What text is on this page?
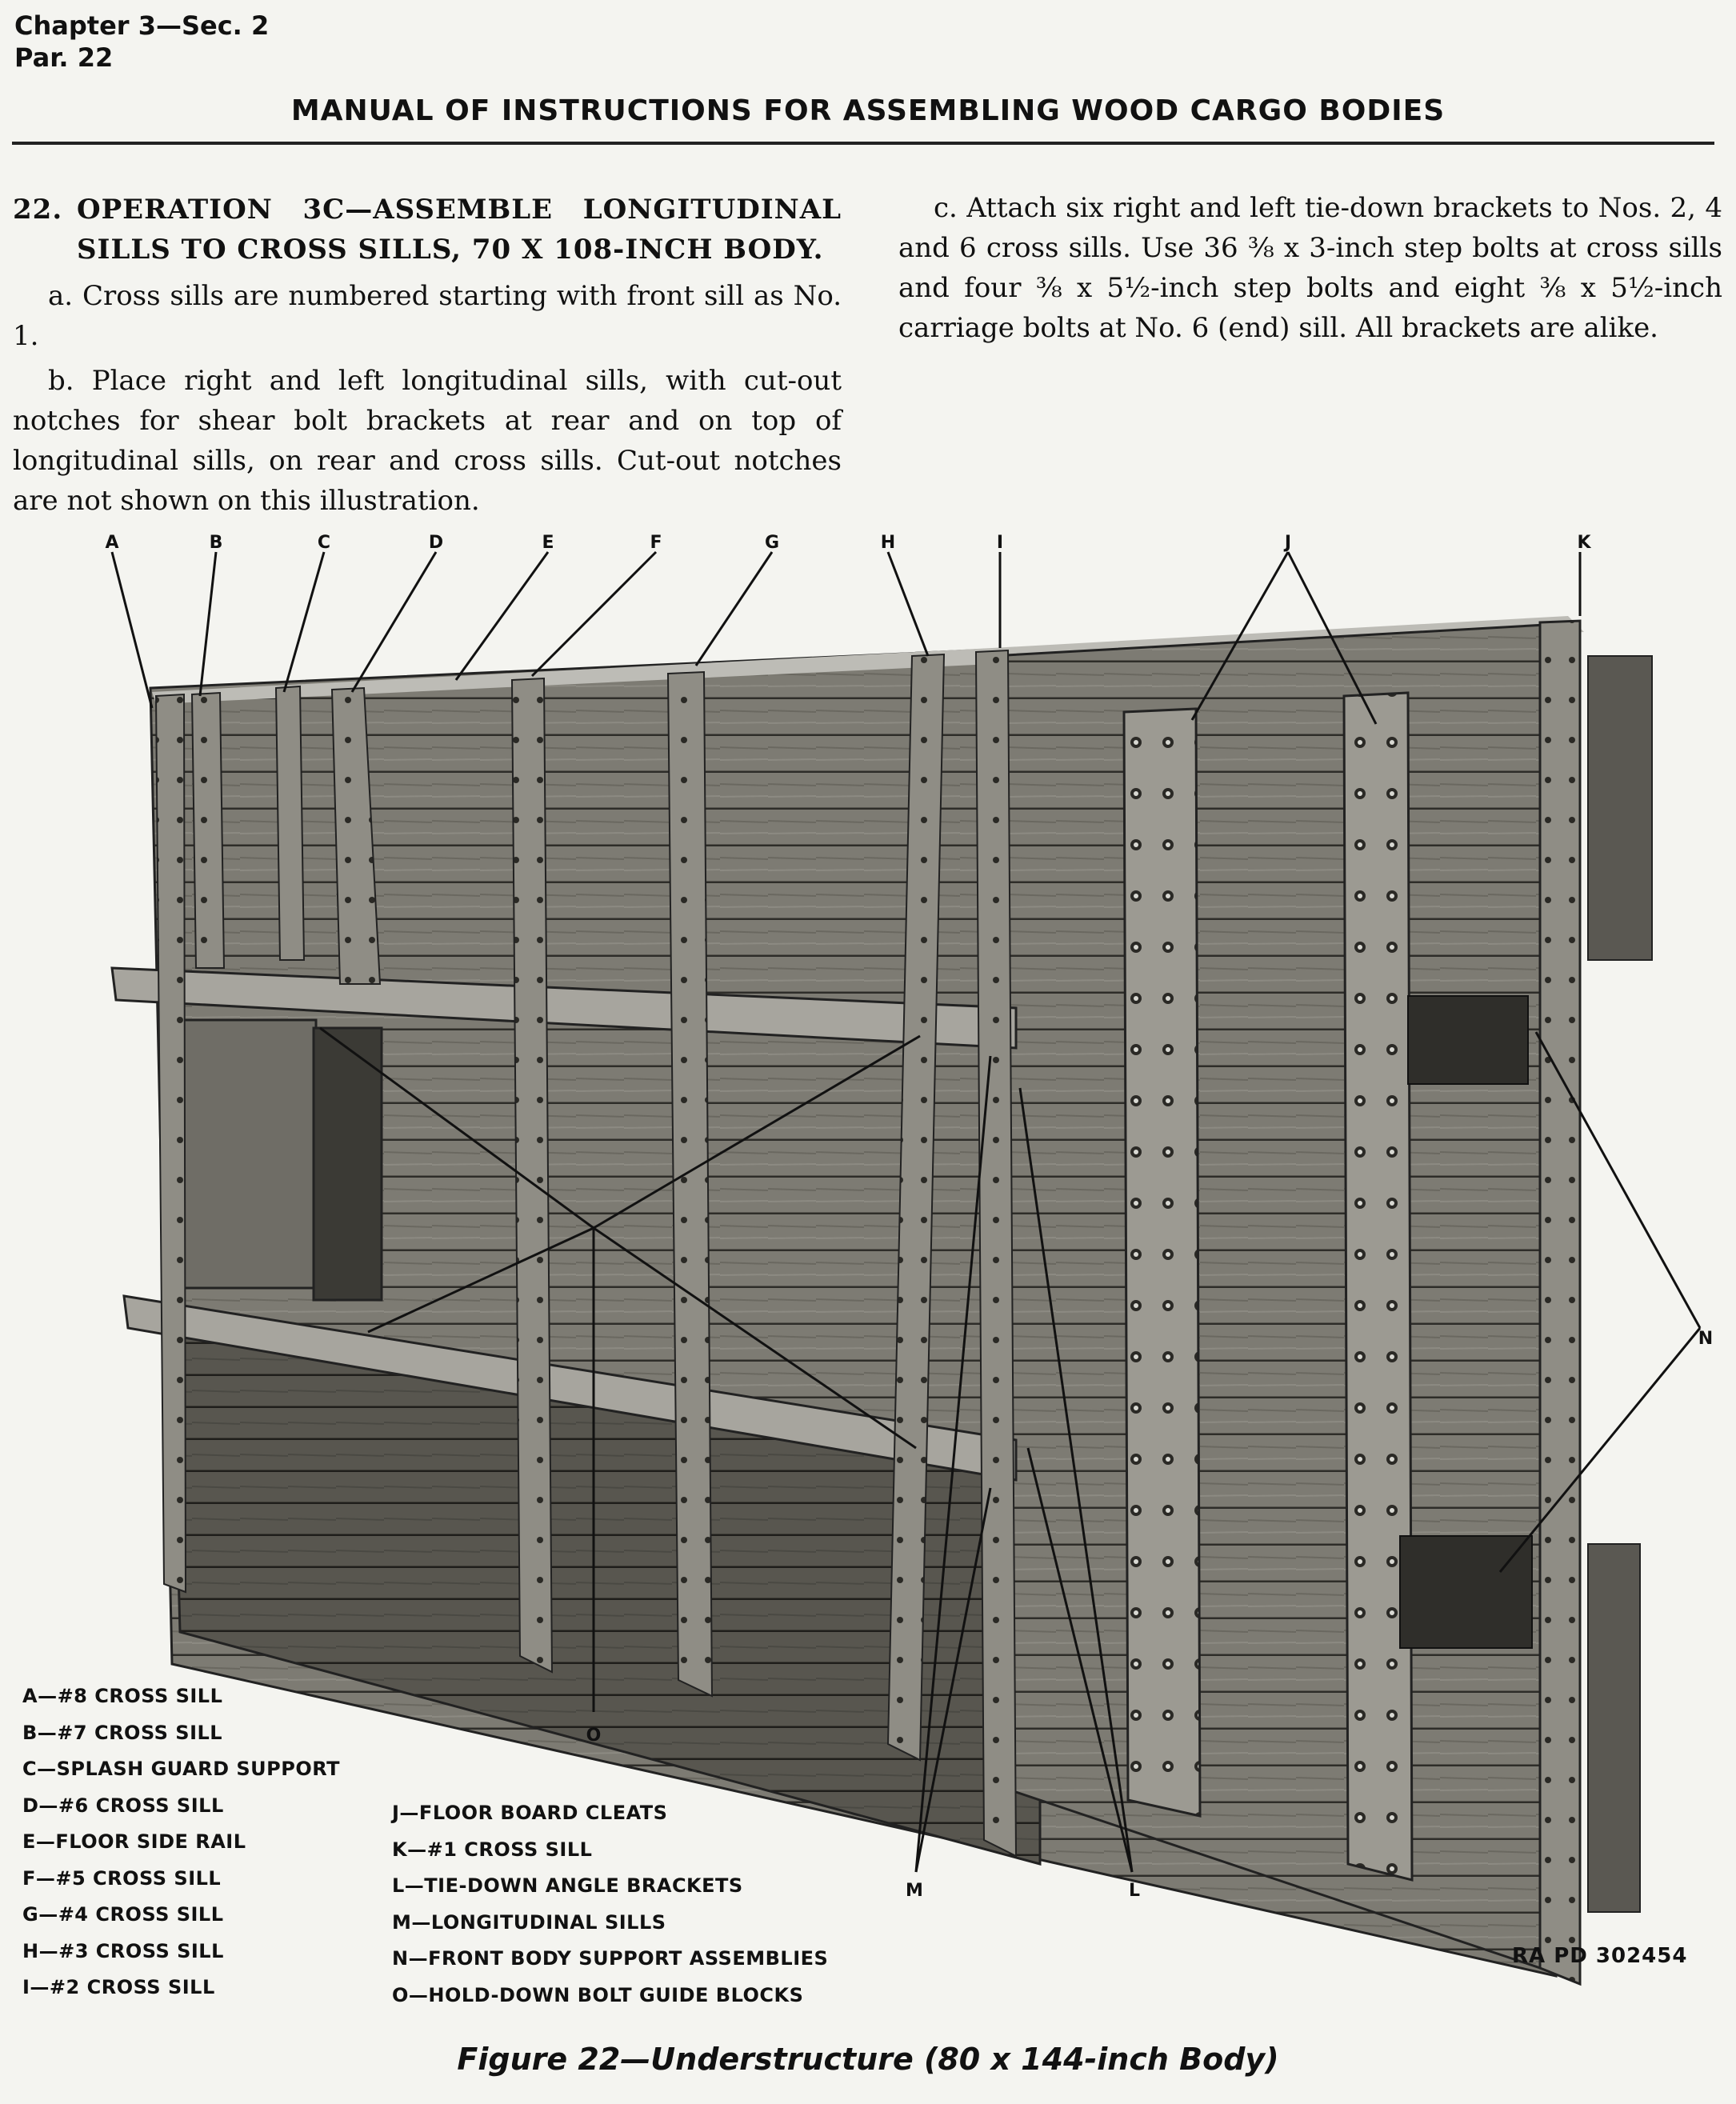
Chapter 3—Sec. 2
Par. 22
MANUAL OF INSTRUCTIONS FOR ASSEMBLING WOOD CARGO BODIES

22. OPERATION 3C—ASSEMBLE LONGITUDINAL SILLS TO CROSS SILLS, 70 X 108-INCH BODY.

a. Cross sills are numbered starting with front sill as No. 1.

b. Place right and left longitudinal sills, with cut-out notches for shear bolt brackets at rear and on top of longitudinal sills, on rear and cross sills. Cut-out notches are not shown on this illustration.

c. Attach six right and left tie-down brackets to Nos. 2, 4 and 6 cross sills. Use 36 ⅜ x 3-inch step bolts at cross sills and four ⅜ x 5½-inch step bolts and eight ⅜ x 5½-inch carriage bolts at No. 6 (end) sill. All brackets are alike.

A	B	C	D	E	F	G	H	I	J	K
L
M
N
O
A—#8 CROSS SILL
B—#7 CROSS SILL
C—SPLASH GUARD SUPPORT
D—#6 CROSS SILL
E—FLOOR SIDE RAIL
F—#5 CROSS SILL
G—#4 CROSS SILL
H—#3 CROSS SILL
I—#2 CROSS SILL
J—FLOOR BOARD CLEATS
K—#1 CROSS SILL
L—TIE-DOWN ANGLE BRACKETS
M—LONGITUDINAL SILLS
N—FRONT BODY SUPPORT ASSEMBLIES
O—HOLD-DOWN BOLT GUIDE BLOCKS
RA PD 302454
Figure 22—Understructure (80 x 144-inch Body)
